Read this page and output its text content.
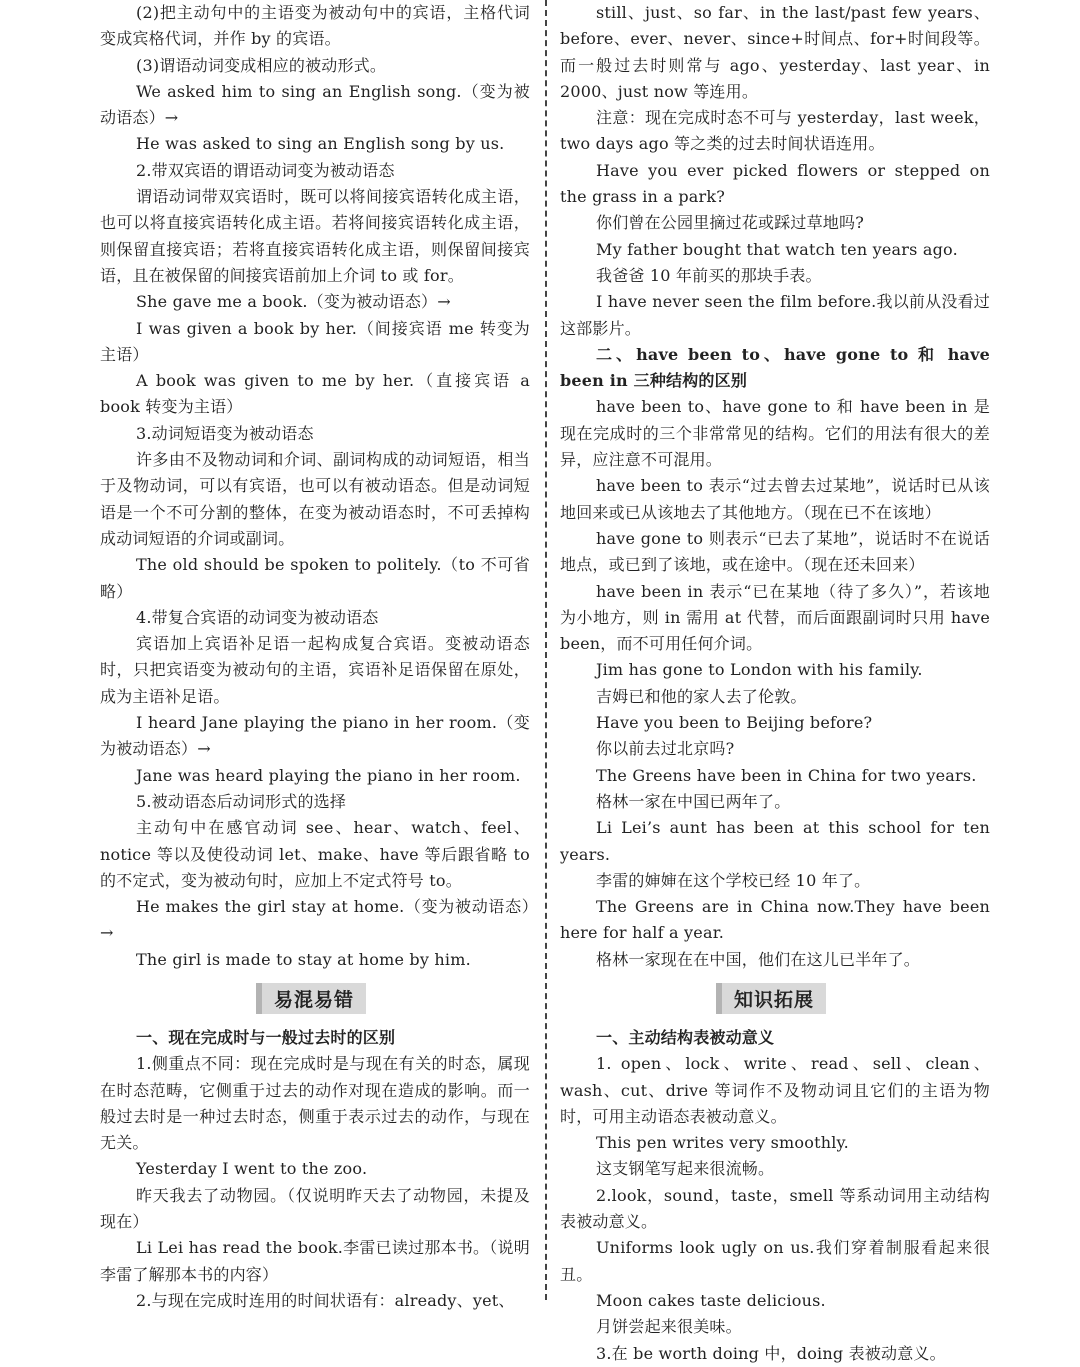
(2)把主动句中的主语变为被动句中的宾语，主格代词变成宾格代词，并作 by 的宾语。

(3)谓语动词变成相应的被动形式。

We asked him to sing an English song.（变为被动语态）→

He was asked to sing an English song by us.

2.带双宾语的谓语动词变为被动语态

谓语动词带双宾语时，既可以将间接宾语转化成主语，也可以将直接宾语转化成主语。若将间接宾语转化成主语，则保留直接宾语；若将直接宾语转化成主语，则保留间接宾语，且在被保留的间接宾语前加上介词 to 或 for。

She gave me a book.（变为被动语态）→

I was given a book by her.（间接宾语 me 转变为主语）

A book was given to me by her.（直接宾语 a book 转变为主语）

3.动词短语变为被动语态

许多由不及物动词和介词、副词构成的动词短语，相当于及物动词，可以有宾语，也可以有被动语态。但是动词短语是一个不可分割的整体，在变为被动语态时，不可丢掉构成动词短语的介词或副词。

The old should be spoken to politely.（to 不可省略）

4.带复合宾语的动词变为被动语态

宾语加上宾语补足语一起构成复合宾语。变被动语态时，只把宾语变为被动句的主语，宾语补足语保留在原处，成为主语补足语。

I heard Jane playing the piano in her room.（变为被动语态）→

Jane was heard playing the piano in her room.

5.被动语态后动词形式的选择

主动句中在感官动词 see、hear、watch、feel、notice 等以及使役动词 let、make、have 等后跟省略 to 的不定式，变为被动句时，应加上不定式符号 to。

He makes the girl stay at home.（变为被动语态）→

The girl is made to stay at home by him.

易混易错

一、现在完成时与一般过去时的区别

1.侧重点不同：现在完成时是与现在有关的时态，属现在时态范畴，它侧重于过去的动作对现在造成的影响。而一般过去时是一种过去时态，侧重于表示过去的动作，与现在无关。

Yesterday I went to the zoo.

昨天我去了动物园。（仅说明昨天去了动物园，未提及现在）

Li Lei has read the book.李雷已读过那本书。（说明李雷了解那本书的内容）

2.与现在完成时连用的时间状语有：already、yet、

still、just、so far、in the last/past few years、before、ever、never、since+时间点、for+时间段等。而一般过去时则常与 ago、yesterday、last year、in 2000、just now 等连用。

注意：现在完成时态不可与 yesterday，last week，two days ago 等之类的过去时间状语连用。

Have you ever picked flowers or stepped on the grass in a park?

你们曾在公园里摘过花或踩过草地吗?

My father bought that watch ten years ago.

我爸爸 10 年前买的那块手表。

I have never seen the film before.我以前从没看过这部影片。

二、have been to、have gone to 和 have been in 三种结构的区别

have been to、have gone to 和 have been in 是现在完成时的三个非常常见的结构。它们的用法有很大的差异，应注意不可混用。

have been to 表示“过去曾去过某地”，说话时已从该地回来或已从该地去了其他地方。（现在已不在该地）

have gone to 则表示“已去了某地”，说话时不在说话地点，或已到了该地，或在途中。（现在还未回来）

have been in 表示“已在某地（待了多久）”，若该地为小地方，则 in 需用 at 代替，而后面跟副词时只用 have been，而不可用任何介词。

Jim has gone to London with his family.

吉姆已和他的家人去了伦敦。

Have you been to Beijing before?

你以前去过北京吗?

The Greens have been in China for two years.

格林一家在中国已两年了。

Li Lei’s aunt has been at this school for ten years.

李雷的婶婶在这个学校已经 10 年了。

The Greens are in China now.They have been here for half a year.

格林一家现在在中国，他们在这儿已半年了。

知识拓展

一、主动结构表被动意义

1. open、lock、write、read、sell、clean、wash、cut、drive 等词作不及物动词且它们的主语为物时，可用主动语态表被动意义。

This pen writes very smoothly.

这支钢笔写起来很流畅。

2.look，sound，taste，smell 等系动词用主动结构表被动意义。

Uniforms look ugly on us.我们穿着制服看起来很丑。

Moon cakes taste delicious.

月饼尝起来很美味。

3.在 be worth doing 中，doing 表被动意义。
